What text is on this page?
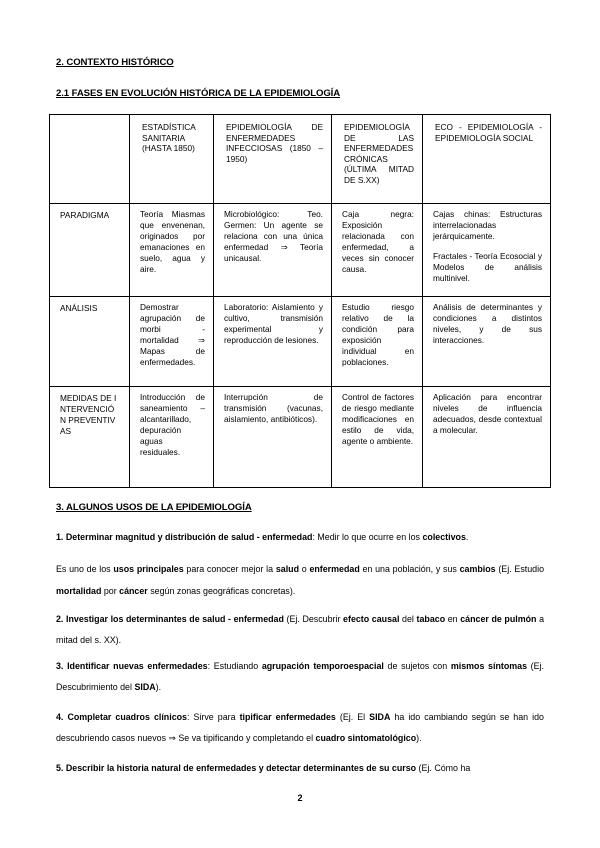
2. CONTEXTO HISTÓRICO
2.1 FASES EN EVOLUCIÓN HISTÓRICA DE LA EPIDEMIOLOGÍA

	ESTADÍSTICA SANITARIA (HASTA 1850)	EPIDEMIOLOGÍA DE ENFERMEDADES INFECCIOSAS (1850 – 1950)	EPIDEMIOLOGÍA DE LAS ENFERMEDADES CRÓNICAS (ÚLTIMA MITAD DE S.XX)	ECO - EPIDEMIOLOGÍA - EPIDEMIOLOGÍA SOCIAL

PARADIGMA	Teoría Miasmas que envenenan, originados por emanaciones en suelo, agua y aire.	Microbiológico: Teo. Germen: Un agente se relaciona con una única enfermedad ⇒ Teoría unicausal.	Caja negra: Exposición relacionada con enfermedad, a veces sin conocer causa.	Cajas chinas: Estructuras interrelacionadas jerárquicamente.
Fractales - Teoría Ecosocial y Modelos de análisis multinivel.

ANÁLISIS	Demostrar agrupación de morbi - mortalidad ⇒ Mapas de enfermedades.	Laboratorio: Aislamiento y cultivo, transmisión experimental y reproducción de lesiones.	Estudio riesgo relativo de la condición para exposición individual en poblaciones.	Análisis de determinantes y condiciones a distintos niveles, y de sus interacciones.

MEDIDAS DE INTERVENCIÓN PREVENTIVAS	Introducción de saneamiento – alcantarillado, depuración aguas residuales.	Interrupción de transmisión (vacunas, aislamiento, antibióticos).	Control de factores de riesgo mediante modificaciones en estilo de vida, agente o ambiente.	Aplicación para encontrar niveles de influencia adecuados, desde contextual a molecular.
3. ALGUNOS USOS DE LA EPIDEMIOLOGÍA
1. Determinar magnitud y distribución de salud - enfermedad: Medir lo que ocurre en los colectivos.
Es uno de los usos principales para conocer mejor la salud o enfermedad en una población, y sus cambios (Ej. Estudio mortalidad por cáncer según zonas geográficas concretas).
2. Investigar los determinantes de salud - enfermedad (Ej. Descubrir efecto causal del tabaco en cáncer de pulmón a mitad del s. XX).
3. Identificar nuevas enfermedades: Estudiando agrupación temporoespacial de sujetos con mismos síntomas (Ej. Descubrimiento del SIDA).
4. Completar cuadros clínicos: Sirve para tipificar enfermedades (Ej. El SIDA ha ido cambiando según se han ido descubriendo casos nuevos ⇒ Se va tipificando y completando el cuadro sintomatológico).
5. Describir la historia natural de enfermedades y detectar determinantes de su curso (Ej. Cómo ha
2
